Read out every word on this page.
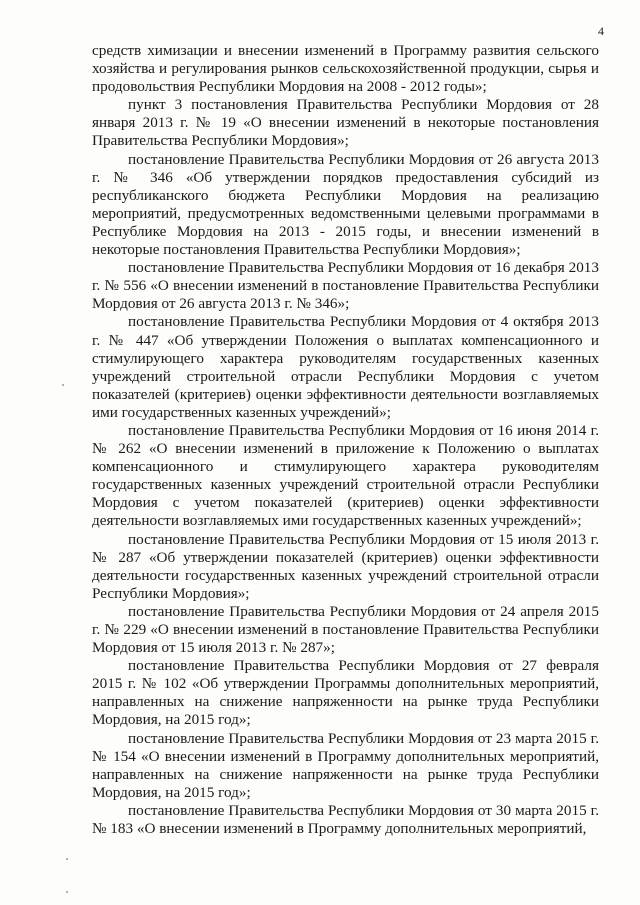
4

средств химизации и внесении изменений в Программу развития сельского хозяйства и регулирования рынков сельскохозяйственной продукции, сырья и продовольствия Республики Мордовия на 2008 - 2012 годы»;

пункт 3 постановления Правительства Республики Мордовия от 28 января 2013 г. № 19 «О внесении изменений в некоторые постановления Правительства Республики Мордовия»;

постановление Правительства Республики Мордовия от 26 августа 2013 г. № 346 «Об утверждении порядков предоставления субсидий из республиканского бюджета Республики Мордовия на реализацию мероприятий, предусмотренных ведомственными целевыми программами в Республике Мордовия на 2013 - 2015 годы, и внесении изменений в некоторые постановления Правительства Республики Мордовия»;

постановление Правительства Республики Мордовия от 16 декабря 2013 г. № 556 «О внесении изменений в постановление Правительства Республики Мордовия от 26 августа 2013 г. № 346»;

постановление Правительства Республики Мордовия от 4 октября 2013 г. № 447 «Об утверждении Положения о выплатах компенсационного и стимулирующего характера руководителям государственных казенных учреждений строительной отрасли Республики Мордовия с учетом показателей (критериев) оценки эффективности деятельности возглавляемых ими государственных казенных учреждений»;

постановление Правительства Республики Мордовия от 16 июня 2014 г. № 262 «О внесении изменений в приложение к Положению о выплатах компенсационного и стимулирующего характера руководителям государственных казенных учреждений строительной отрасли Республики Мордовия с учетом показателей (критериев) оценки эффективности деятельности возглавляемых ими государственных казенных учреждений»;

постановление Правительства Республики Мордовия от 15 июля 2013 г. № 287 «Об утверждении показателей (критериев) оценки эффективности деятельности государственных казенных учреждений строительной отрасли Республики Мордовия»;

постановление Правительства Республики Мордовия от 24 апреля 2015 г. № 229 «О внесении изменений в постановление Правительства Республики Мордовия от 15 июля 2013 г. № 287»;

постановление Правительства Республики Мордовия от 27 февраля 2015 г. № 102 «Об утверждении Программы дополнительных мероприятий, направленных на снижение напряженности на рынке труда Республики Мордовия, на 2015 год»;

постановление Правительства Республики Мордовия от 23 марта 2015 г. № 154 «О внесении изменений в Программу дополнительных мероприятий, направленных на снижение напряженности на рынке труда Республики Мордовия, на 2015 год»;

постановление Правительства Республики Мордовия от 30 марта 2015 г. № 183 «О внесении изменений в Программу дополнительных мероприятий,
